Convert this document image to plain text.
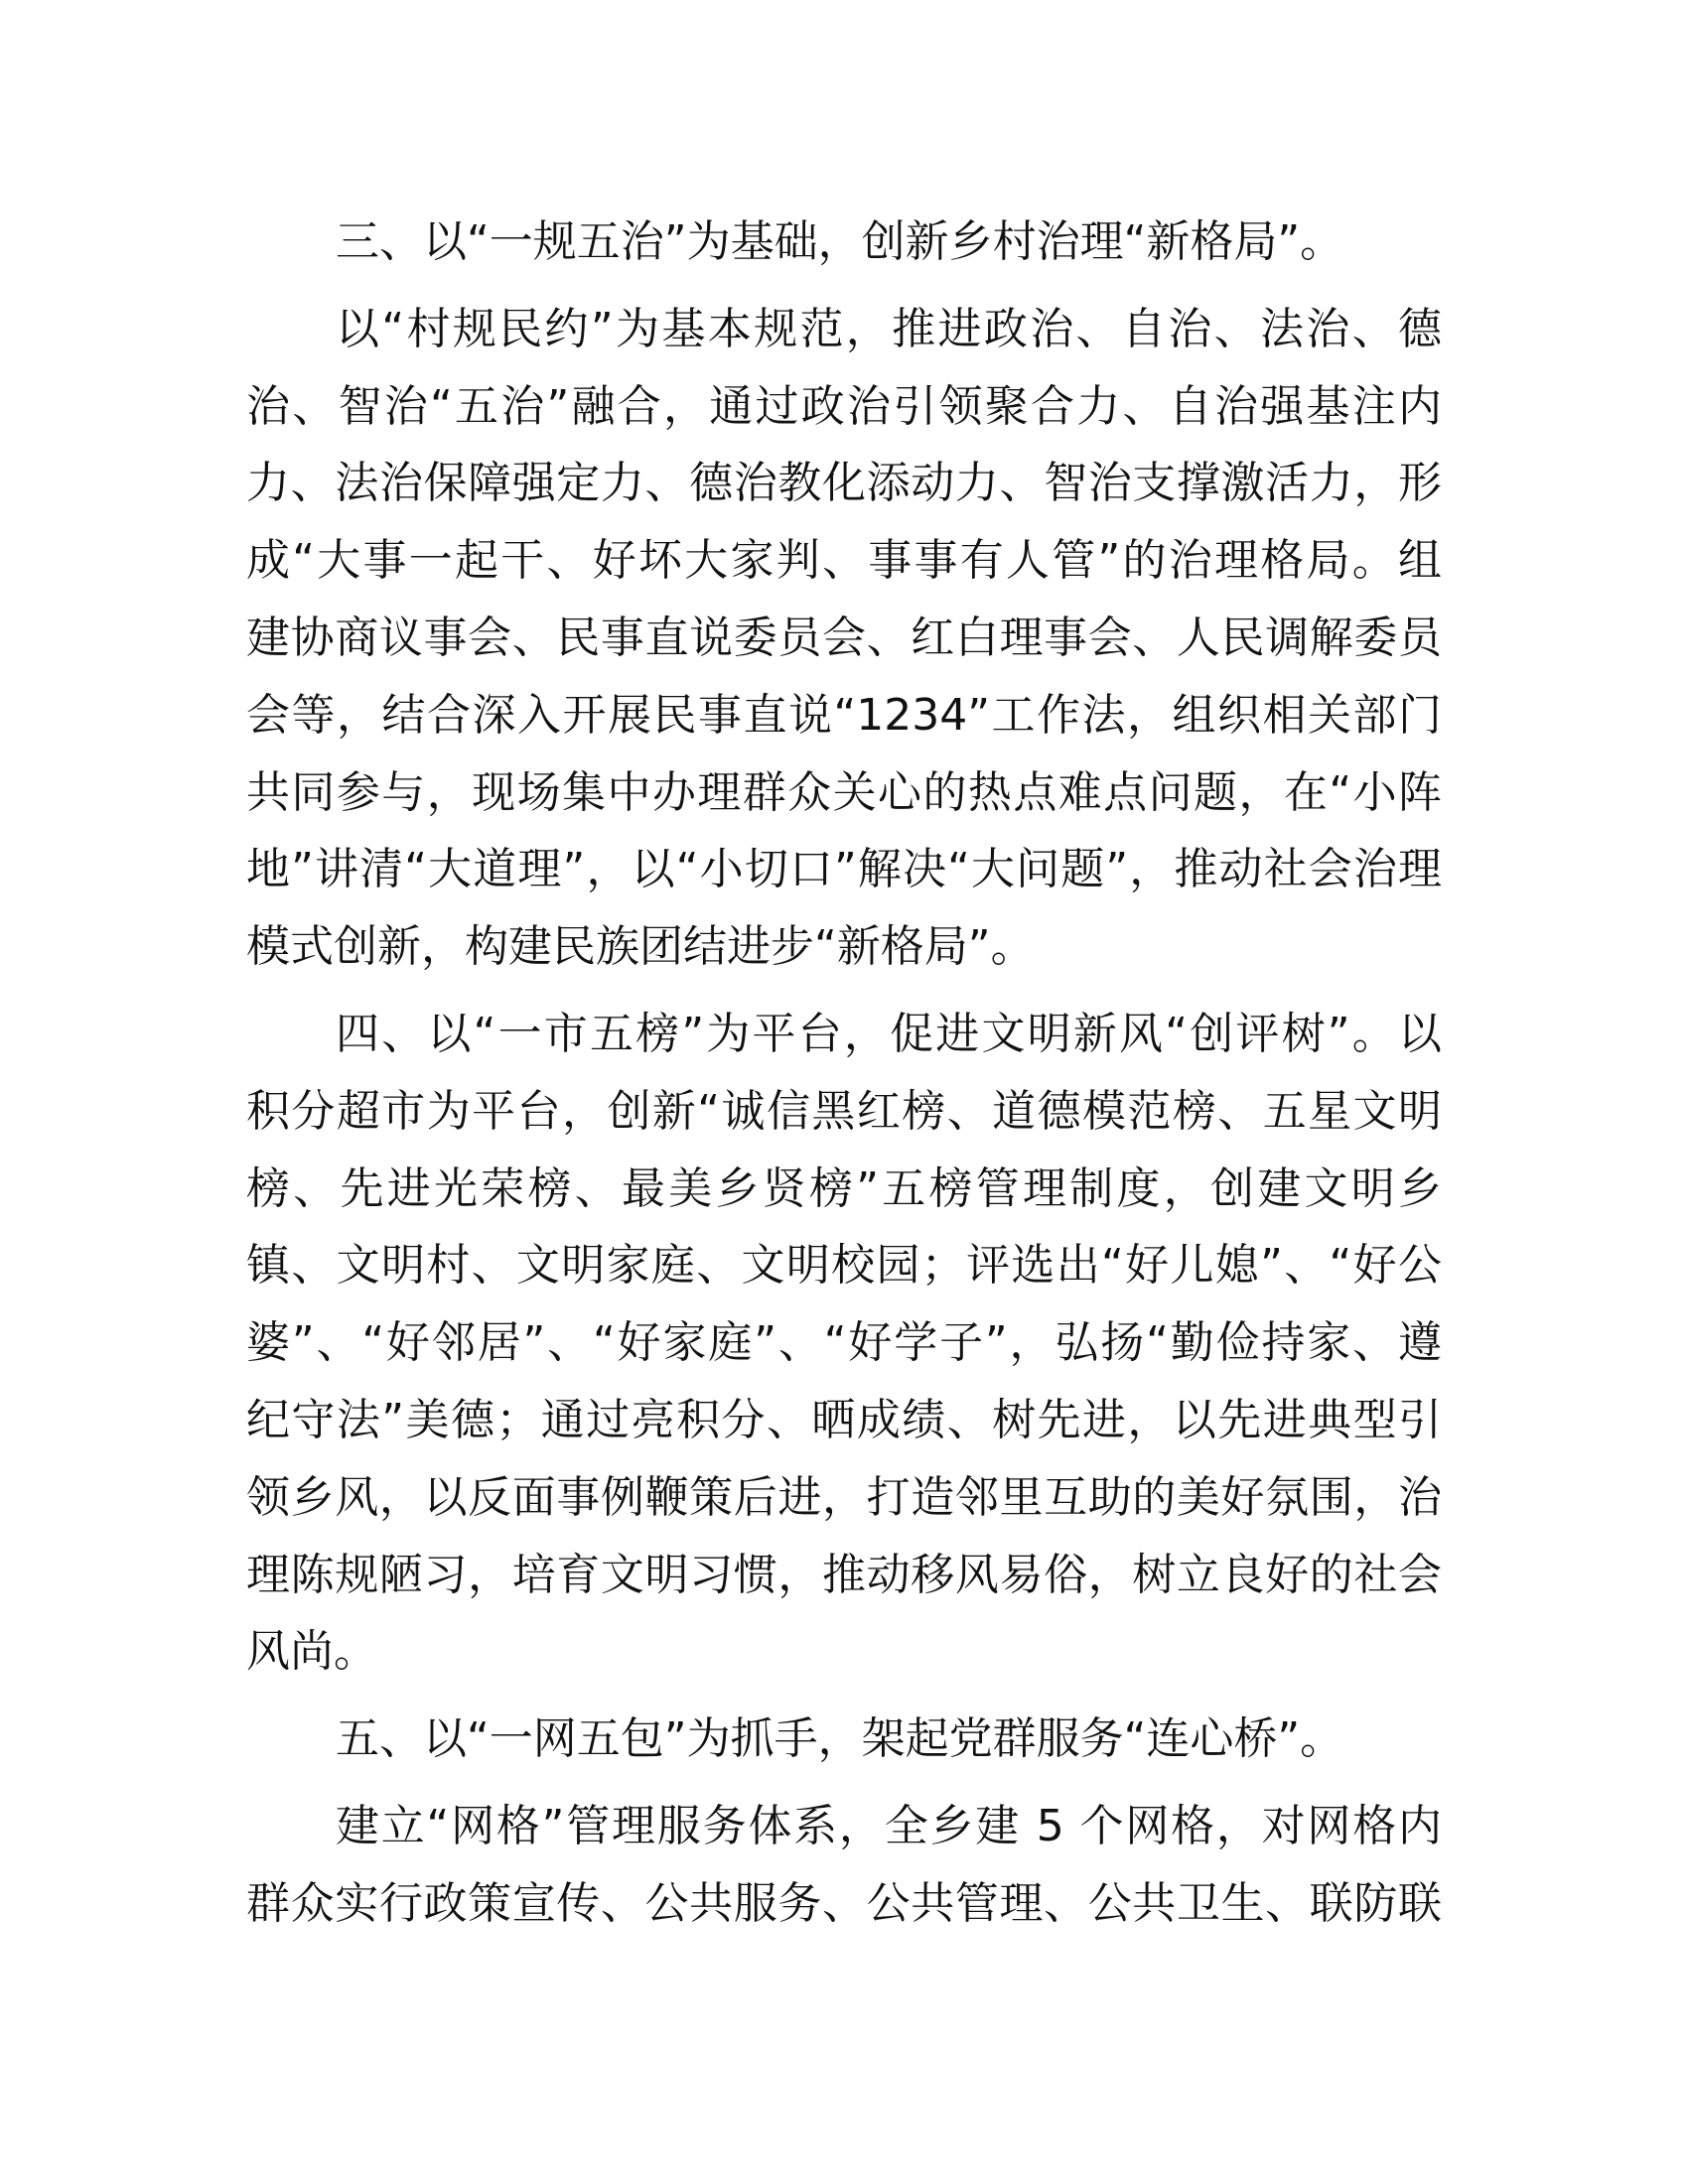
三、以“一规五治”为基础，创新乡村治理“新格局”。
以“村规民约”为基本规范，推进政治、自治、法治、德
治、智治“五治”融合，通过政治引领聚合力、自治强基注内
力、法治保障强定力、德治教化添动力、智治支撑激活力，形
成“大事一起干、好坏大家判、事事有人管”的治理格局。组
建协商议事会、民事直说委员会、红白理事会、人民调解委员
会等，结合深入开展民事直说“1234”工作法，组织相关部门
共同参与，现场集中办理群众关心的热点难点问题，在“小阵
地”讲清“大道理”，以“小切口”解决“大问题”，推动社会治理
模式创新，构建民族团结进步“新格局”。
四、以“一市五榜”为平台，促进文明新风“创评树”。以
积分超市为平台，创新“诚信黑红榜、道德模范榜、五星文明
榜、先进光荣榜、最美乡贤榜”五榜管理制度，创建文明乡
镇、文明村、文明家庭、文明校园；评选出“好儿媳”、“好公
婆”、“好邻居”、“好家庭”、“好学子”，弘扬“勤俭持家、遵
纪守法”美德；通过亮积分、晒成绩、树先进，以先进典型引
领乡风，以反面事例鞭策后进，打造邻里互助的美好氛围，治
理陈规陋习，培育文明习惯，推动移风易俗，树立良好的社会
风尚。
五、以“一网五包”为抓手，架起党群服务“连心桥”。
建立“网格”管理服务体系，全乡建 5 个网格，对网格内
群众实行政策宣传、公共服务、公共管理、公共卫生、联防联
